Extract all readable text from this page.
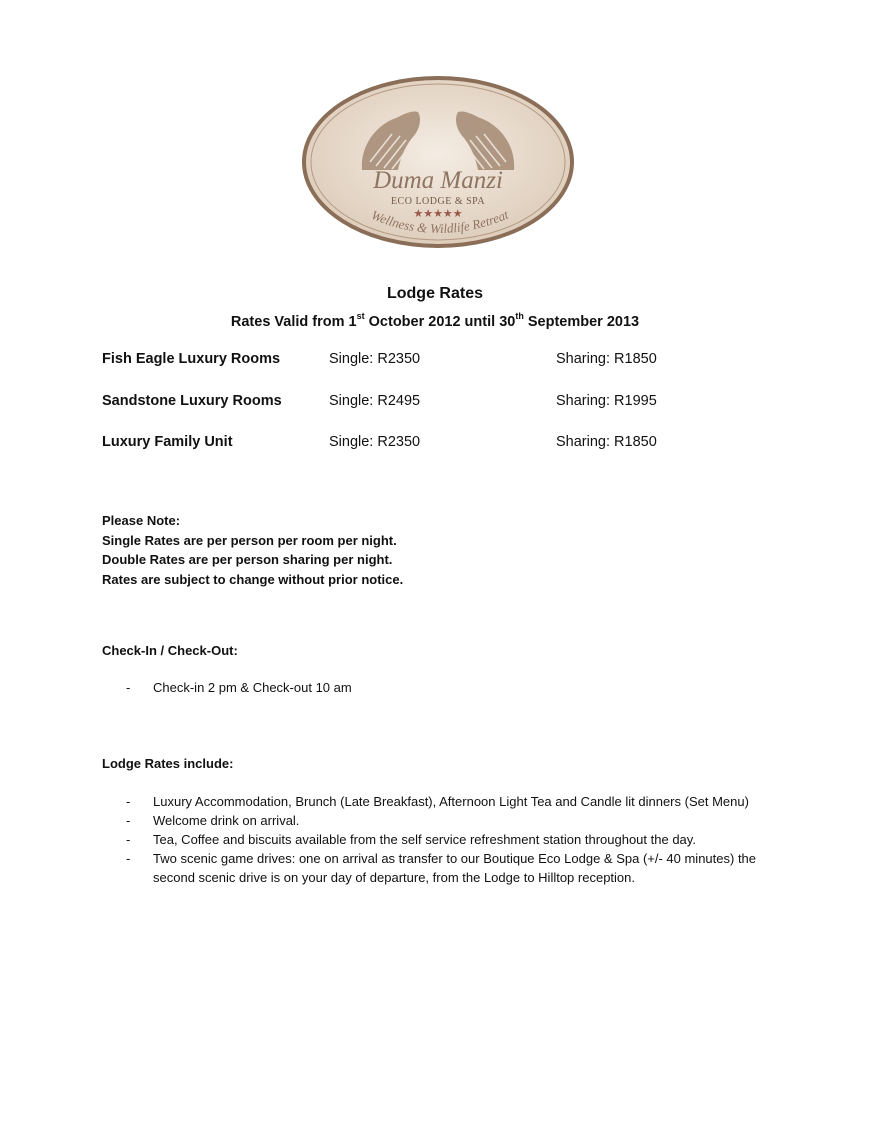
Duma Manzi
ECO LODGE & SPA
★★★★★
Wellness & Wildlife Retreat
Lodge Rates
Rates Valid from 1st October 2012 until 30th September 2013
Fish Eagle Luxury Rooms	Single: R2350	Sharing: R1850
Sandstone Luxury Rooms	Single: R2495	Sharing: R1995
Luxury Family Unit	Single: R2350	Sharing: R1850
Please Note:
Single Rates are per person per room per night.
Double Rates are per person sharing per night.
Rates are subject to change without prior notice.
Check-In / Check-Out:
- Check-in 2 pm & Check-out 10 am
Lodge Rates include:
- Luxury Accommodation, Brunch (Late Breakfast), Afternoon Light Tea and Candle lit dinners (Set Menu)
- Welcome drink on arrival.
- Tea, Coffee and biscuits available from the self service refreshment station throughout the day.
- Two scenic game drives: one on arrival as transfer to our Boutique Eco Lodge & Spa (+/- 40 minutes) the second scenic drive is on your day of departure, from the Lodge to Hilltop reception.
